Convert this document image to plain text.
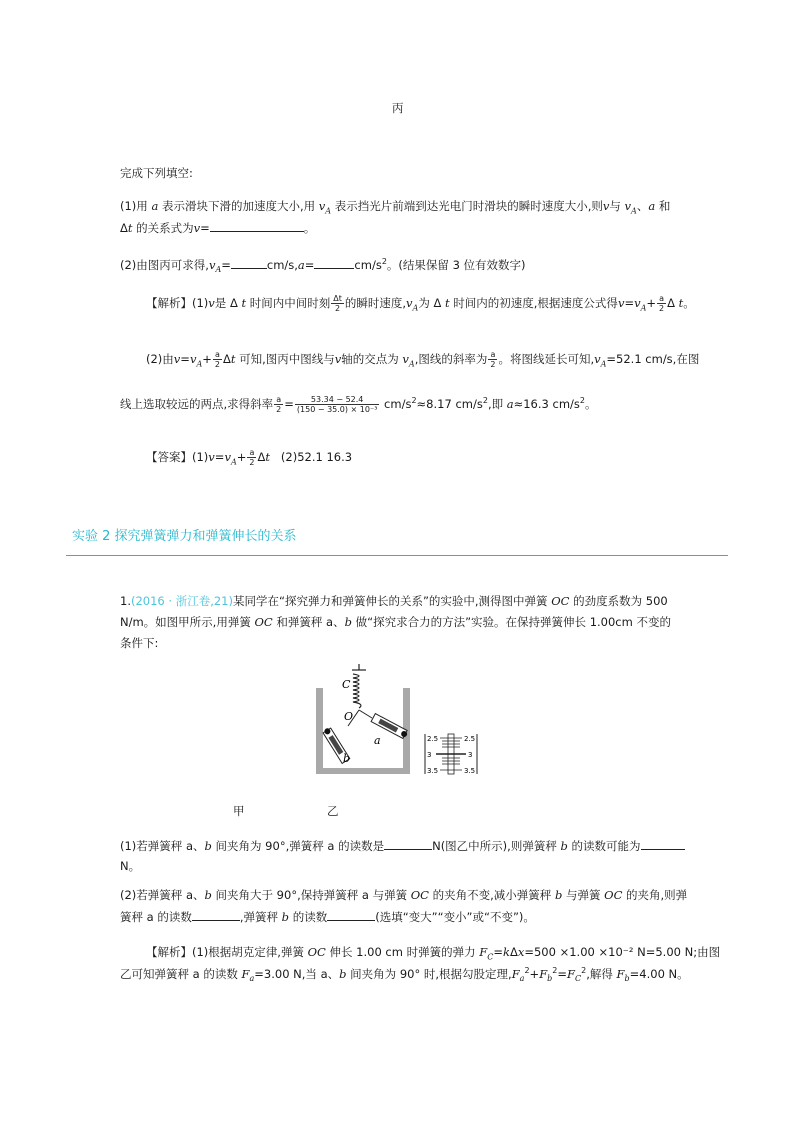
丙
完成下列填空:
(1)用 a 表示滑块下滑的加速度大小,用 $v_A$ 表示挡光片前端到达光电门时滑块的瞬时速度大小,则v与 $v_A$、a 和
Δt 的关系式为v=	。
(2)由图丙可求得$,v_A=$	cm/s,a=	$cm/s^2$。(结果保留 3 位有效数字)
【解析】(1)v是 Δ t 时间内中间时刻 $\frac{\Delta t}{2}$ 的瞬时速度$,v_A$为 Δ t 时间内的初速度,根据速度公式得$v=v_A+ \frac{a}{2}$ Δ t。
(2)由$v=v_A+ \frac{a}{2}$ Δt 可知,图丙中图线与v轴的交点为 $v_A$,图线的斜率为 $\frac{a}{2}$ 。将图线延长可知$,v_A=52.1$ cm/s,在图
线上选取较远的两点,求得斜率 $\frac{a}{2} = \frac{53.34 - 52.4}{\text{(150 − 35.0) × 10⁻³}} cm/s^2\approx 8.17$ $cm/s^2$,即 a≈16.3 $cm/s^2$。
【答案】$(1)v=v_A+ \frac{a}{2}$ Δt (2)52.1 16.3
实验 2 探究弹簧弹力和弹簧伸长的关系
1.(2016 · 浙江卷,21)某同学在“探究弹力和弹簧伸长的关系”的实验中,测得图中弹簧 OC 的劲度系数为 500
N/m。如图甲所示,用弹簧 OC 和弹簧秤 a、b 做“探究求合力的方法”实验。在保持弹簧伸长 1.00cm 不变的
条件下:
C
O
a
b
2.5
3
3.5
2.5
3
3.5
甲	乙
(1)若弹簧秤 a、b 间夹角为 90°,弹簧秤 a 的读数是	N(图乙中所示),则弹簧秤 b 的读数可能为
N。
(2)若弹簧秤 a、b 间夹角大于 90°,保持弹簧秤 a 与弹簧 OC 的夹角不变,减小弹簧秤 b 与弹簧 OC 的夹角,则弹
簧秤 a 的读数	,弹簧秤 b 的读数	(选填“变大”“变小”或“不变”)。
【解析】(1)根据胡克定律,弹簧 OC 伸长 1.00 cm 时弹簧的弹力 $F_C=k\Delta x=500 \times 1.00 \times 10^{-2}$ N=5.00 N;由图
乙可知弹簧秤 a 的读数 $F_a=3.00$ N,当 a、b 间夹角为 90° 时,根据勾股定理$,F_a^2+F_b^2=F_C^2$,解得 $F_b=4.00$ N。
